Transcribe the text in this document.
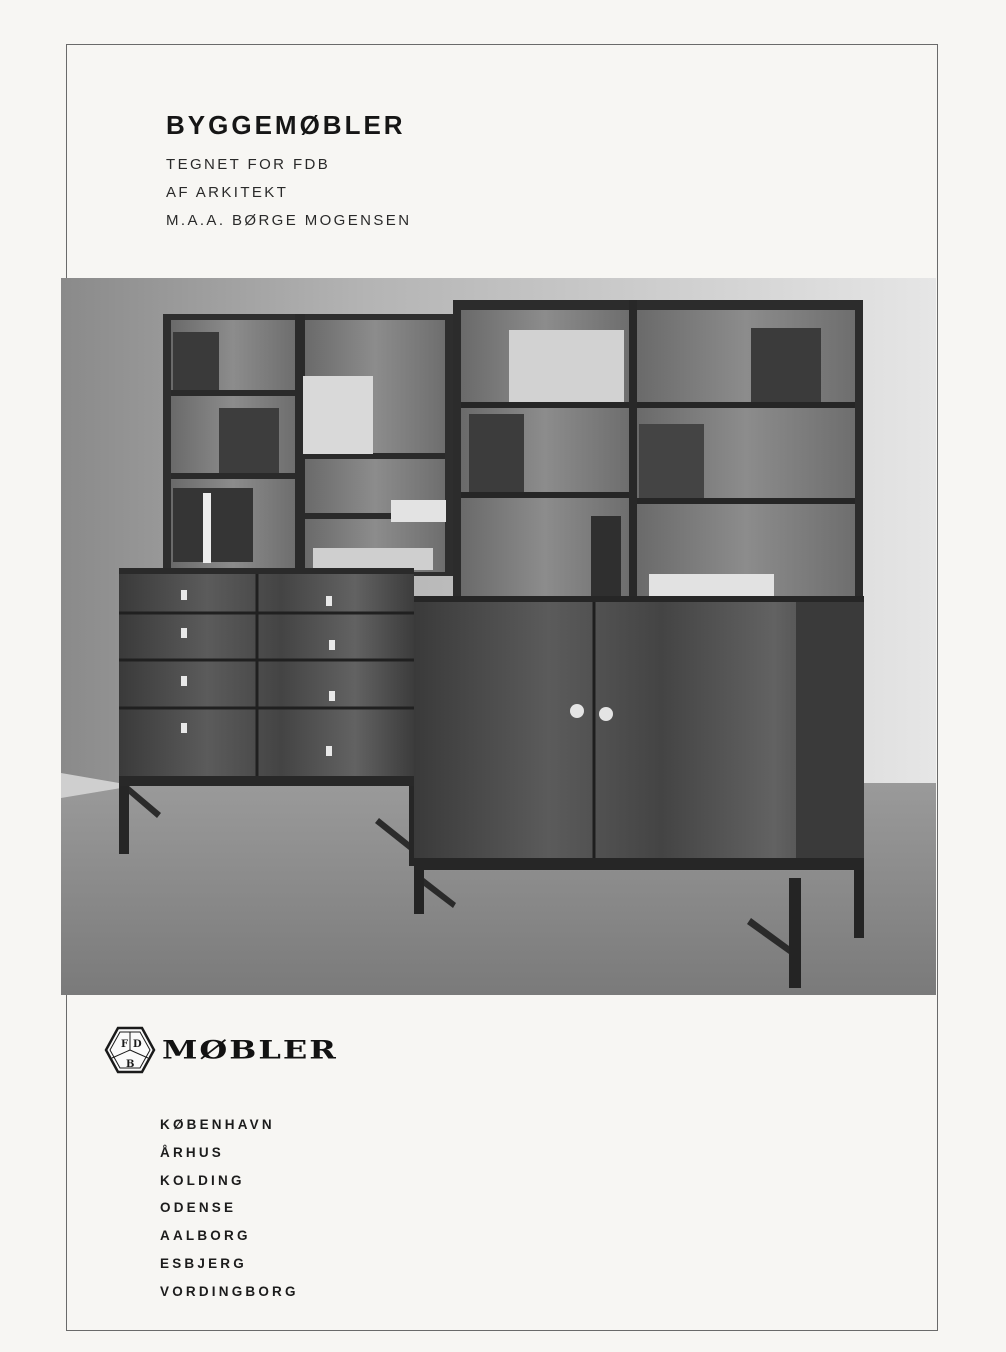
BYGGEMØBLER
TEGNET FOR FDB
AF ARKITEKT
M.A.A. BØRGE MOGENSEN
F D
B MØBLER
KØBENHAVN
ÅRHUS
KOLDING
ODENSE
AALBORG
ESBJERG
VORDINGBORG
